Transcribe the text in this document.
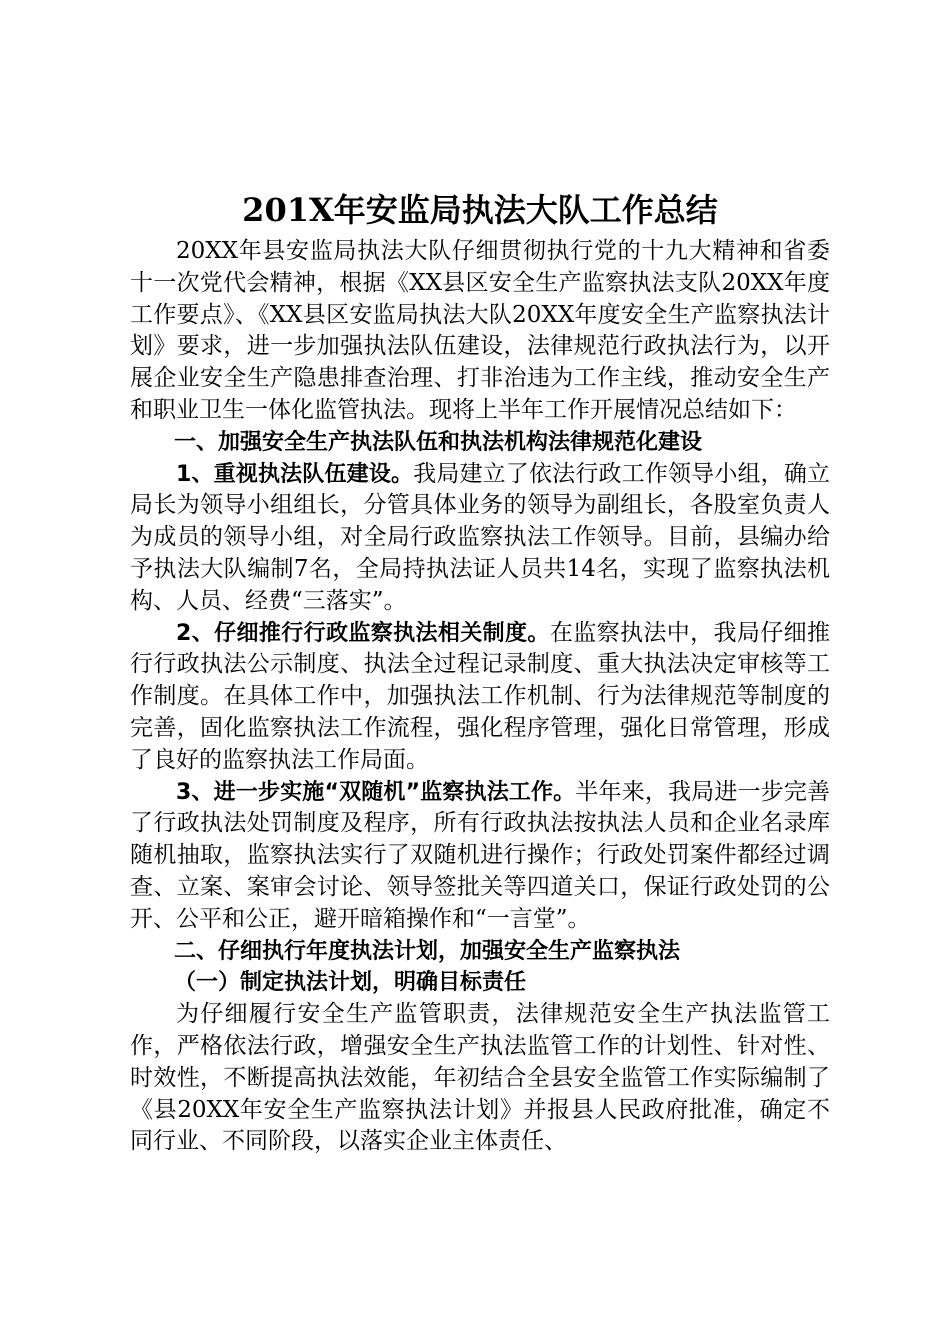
201X年安监局执法大队工作总结

20XX年县安监局执法大队仔细贯彻执行党的十九大精神和省委十一次党代会精神，根据《XX县区安全生产监察执法支队20XX年度工作要点》、《XX县区安监局执法大队20XX年度安全生产监察执法计划》要求，进一步加强执法队伍建设，法律规范行政执法行为，以开展企业安全生产隐患排查治理、打非治违为工作主线，推动安全生产和职业卫生一体化监管执法。现将上半年工作开展情况总结如下：

一、加强安全生产执法队伍和执法机构法律规范化建设

1、重视执法队伍建设。我局建立了依法行政工作领导小组，确立局长为领导小组组长，分管具体业务的领导为副组长，各股室负责人为成员的领导小组，对全局行政监察执法工作领导。目前，县编办给予执法大队编制7名，全局持执法证人员共14名，实现了监察执法机构、人员、经费“三落实”。

2、仔细推行行政监察执法相关制度。在监察执法中，我局仔细推行行政执法公示制度、执法全过程记录制度、重大执法决定审核等工作制度。在具体工作中，加强执法工作机制、行为法律规范等制度的完善，固化监察执法工作流程，强化程序管理，强化日常管理，形成了良好的监察执法工作局面。

3、进一步实施“双随机”监察执法工作。半年来，我局进一步完善了行政执法处罚制度及程序，所有行政执法按执法人员和企业名录库随机抽取，监察执法实行了双随机进行操作；行政处罚案件都经过调查、立案、案审会讨论、领导签批关等四道关口，保证行政处罚的公开、公平和公正，避开暗箱操作和“一言堂”。

二、仔细执行年度执法计划，加强安全生产监察执法

（一）制定执法计划，明确目标责任

为仔细履行安全生产监管职责，法律规范安全生产执法监管工作，严格依法行政，增强安全生产执法监管工作的计划性、针对性、时效性，不断提高执法效能，年初结合全县安全监管工作实际编制了《县20XX年安全生产监察执法计划》并报县人民政府批准，确定不同行业、不同阶段，以落实企业主体责任、
